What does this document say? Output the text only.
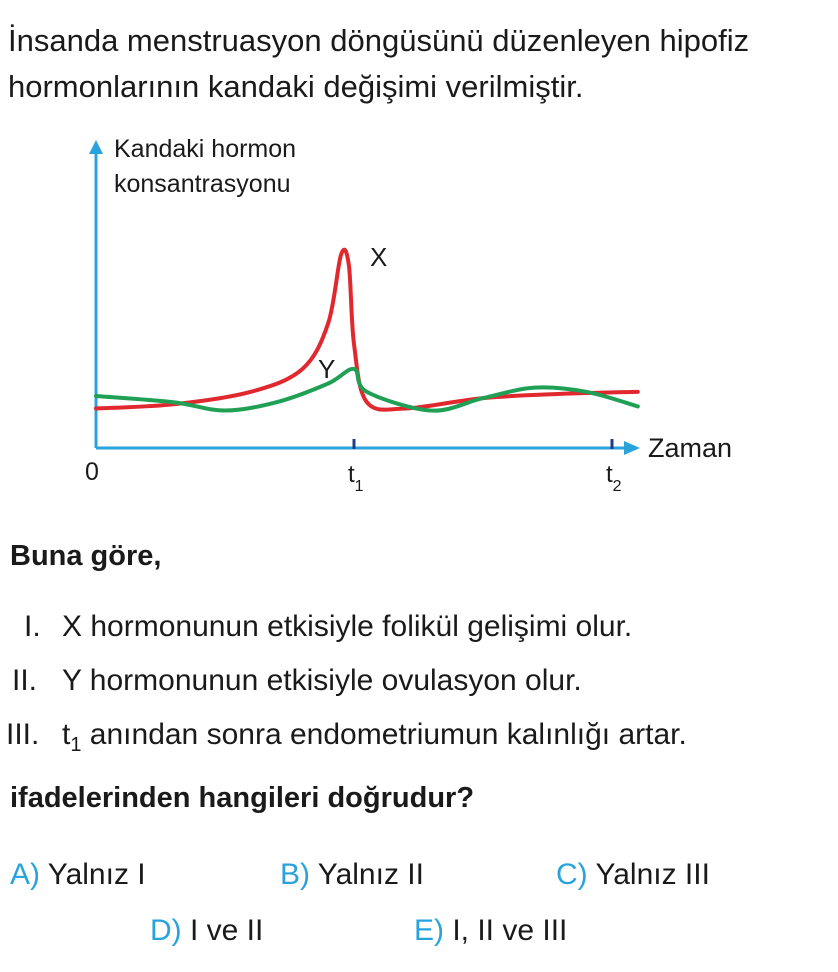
İnsanda menstruasyon döngüsünü düzenleyen hipofiz
hormonlarının kandaki değişimi verilmiştir.

Kandaki hormon
konsantrasyonu
Zaman
0	$t_1$	$t_2$
X
Y
Buna göre,
I. X hormonunun etkisiyle folikül gelişimi olur.
II. Y hormonunun etkisiyle ovulasyon olur.
III. $t_1$ anından sonra endometriumun kalınlığı artar.
ifadelerinden hangileri doğrudur?
A) Yalnız I	B) Yalnız II	C) Yalnız III
D) I ve II	E) I, II ve III
